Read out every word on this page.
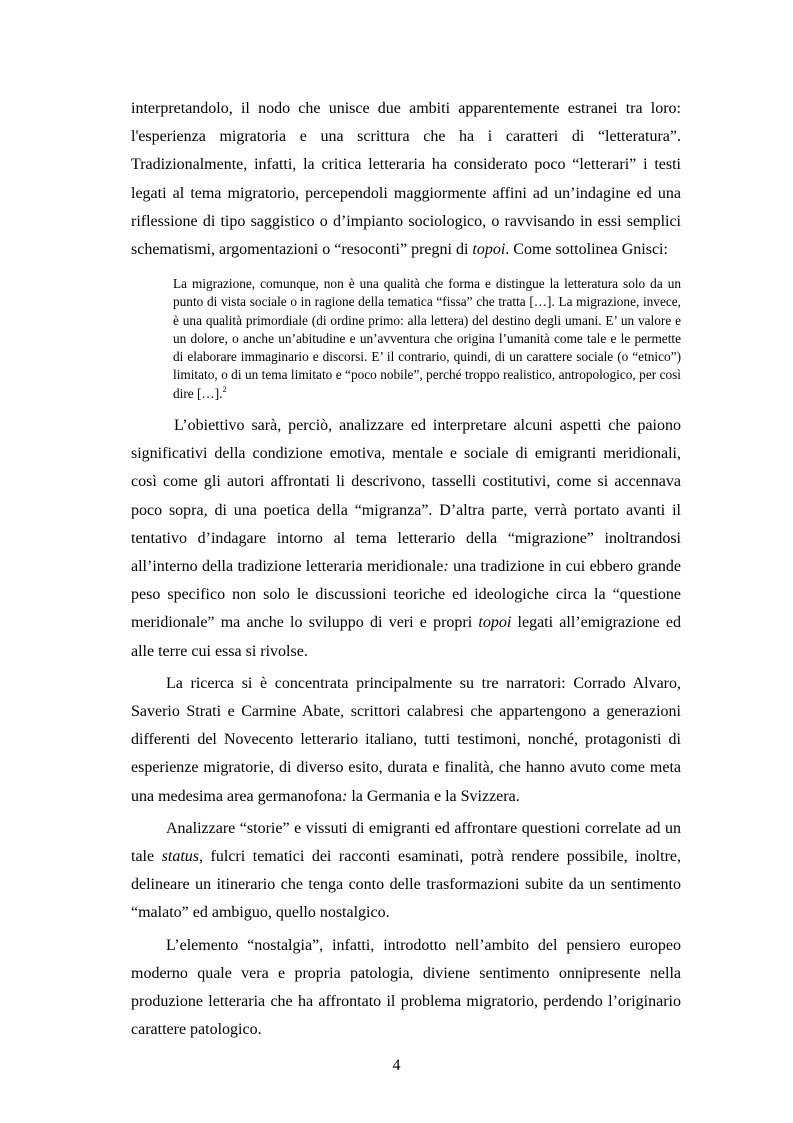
interpretandolo, il nodo che unisce due ambiti apparentemente estranei tra loro: l'esperienza migratoria e una scrittura che ha i caratteri di “letteratura”. Tradizionalmente, infatti, la critica letteraria ha considerato poco “letterari” i testi legati al tema migratorio, percependoli maggiormente affini ad un’indagine ed una riflessione di tipo saggistico o d’impianto sociologico, o ravvisando in essi semplici schematismi, argomentazioni o “resoconti” pregni di topoi. Come sottolinea Gnisci:

La migrazione, comunque, non è una qualità che forma e distingue la letteratura solo da un punto di vista sociale o in ragione della tematica “fissa” che tratta […]. La migrazione, invece, è una qualità primordiale (di ordine primo: alla lettera) del destino degli umani. E’ un valore e un dolore, o anche un’abitudine e un’avventura che origina l’umanità come tale e le permette di elaborare immaginario e discorsi. E’ il contrario, quindi, di un carattere sociale (o “etnico”) limitato, o di un tema limitato e “poco nobile”, perché troppo realistico, antropologico, per così dire […].$^2$

L’obiettivo sarà, perciò, analizzare ed interpretare alcuni aspetti che paiono significativi della condizione emotiva, mentale e sociale di emigranti meridionali, così come gli autori affrontati li descrivono, tasselli costitutivi, come si accennava poco sopra, di una poetica della “migranza”. D’altra parte, verrà portato avanti il tentativo d’indagare intorno al tema letterario della “migrazione” inoltrandosi all’interno della tradizione letteraria meridionale: una tradizione in cui ebbero grande peso specifico non solo le discussioni teoriche ed ideologiche circa la “questione meridionale” ma anche lo sviluppo di veri e propri topoi legati all’emigrazione ed alle terre cui essa si rivolse.

La ricerca si è concentrata principalmente su tre narratori: Corrado Alvaro, Saverio Strati e Carmine Abate, scrittori calabresi che appartengono a generazioni differenti del Novecento letterario italiano, tutti testimoni, nonché, protagonisti di esperienze migratorie, di diverso esito, durata e finalità, che hanno avuto come meta una medesima area germanofona: la Germania e la Svizzera.

Analizzare “storie” e vissuti di emigranti ed affrontare questioni correlate ad un tale status, fulcri tematici dei racconti esaminati, potrà rendere possibile, inoltre, delineare un itinerario che tenga conto delle trasformazioni subite da un sentimento “malato” ed ambiguo, quello nostalgico.

L’elemento “nostalgia”, infatti, introdotto nell’ambito del pensiero europeo moderno quale vera e propria patologia, diviene sentimento onnipresente nella produzione letteraria che ha affrontato il problema migratorio, perdendo l’originario carattere patologico.

4
